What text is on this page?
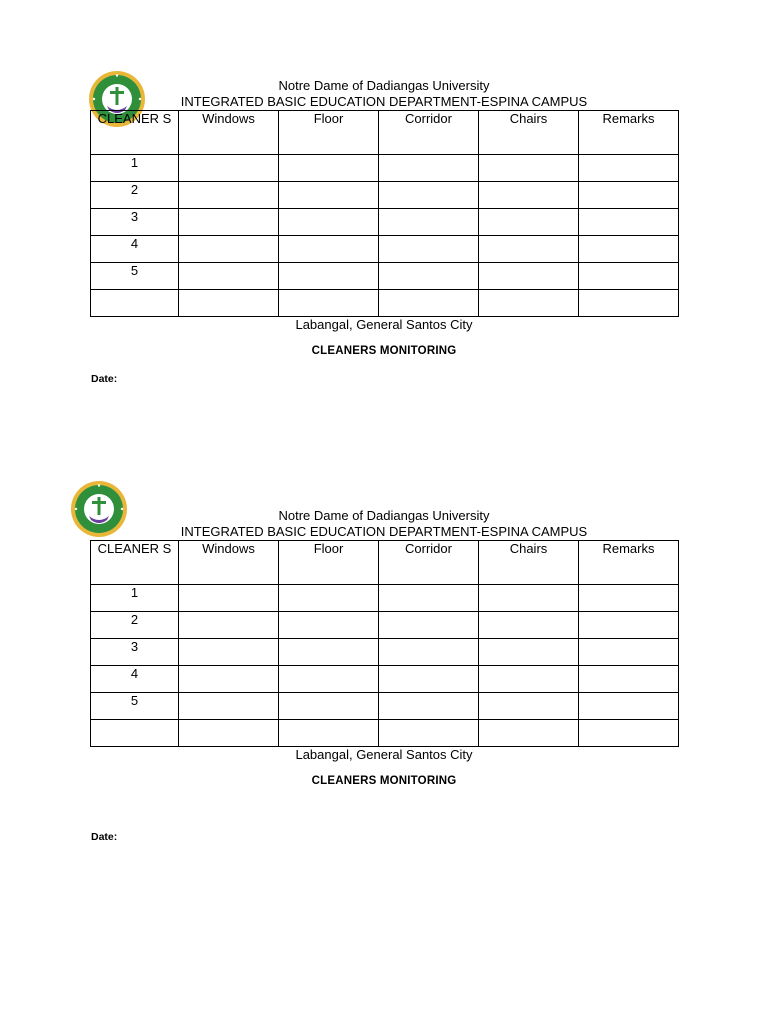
Notre Dame of Dadiangas University
INTEGRATED BASIC EDUCATION DEPARTMENT-ESPINA CAMPUS
CLEANER S	Windows	Floor	Corridor	Chairs	Remarks

1					
2					
3					
4					
5					

Labangal, General Santos City
CLEANERS MONITORING
Date:
Notre Dame of Dadiangas University
INTEGRATED BASIC EDUCATION DEPARTMENT-ESPINA CAMPUS
CLEANER S	Windows	Floor	Corridor	Chairs	Remarks

1					
2					
3					
4					
5					

Labangal, General Santos City
CLEANERS MONITORING
Date:
